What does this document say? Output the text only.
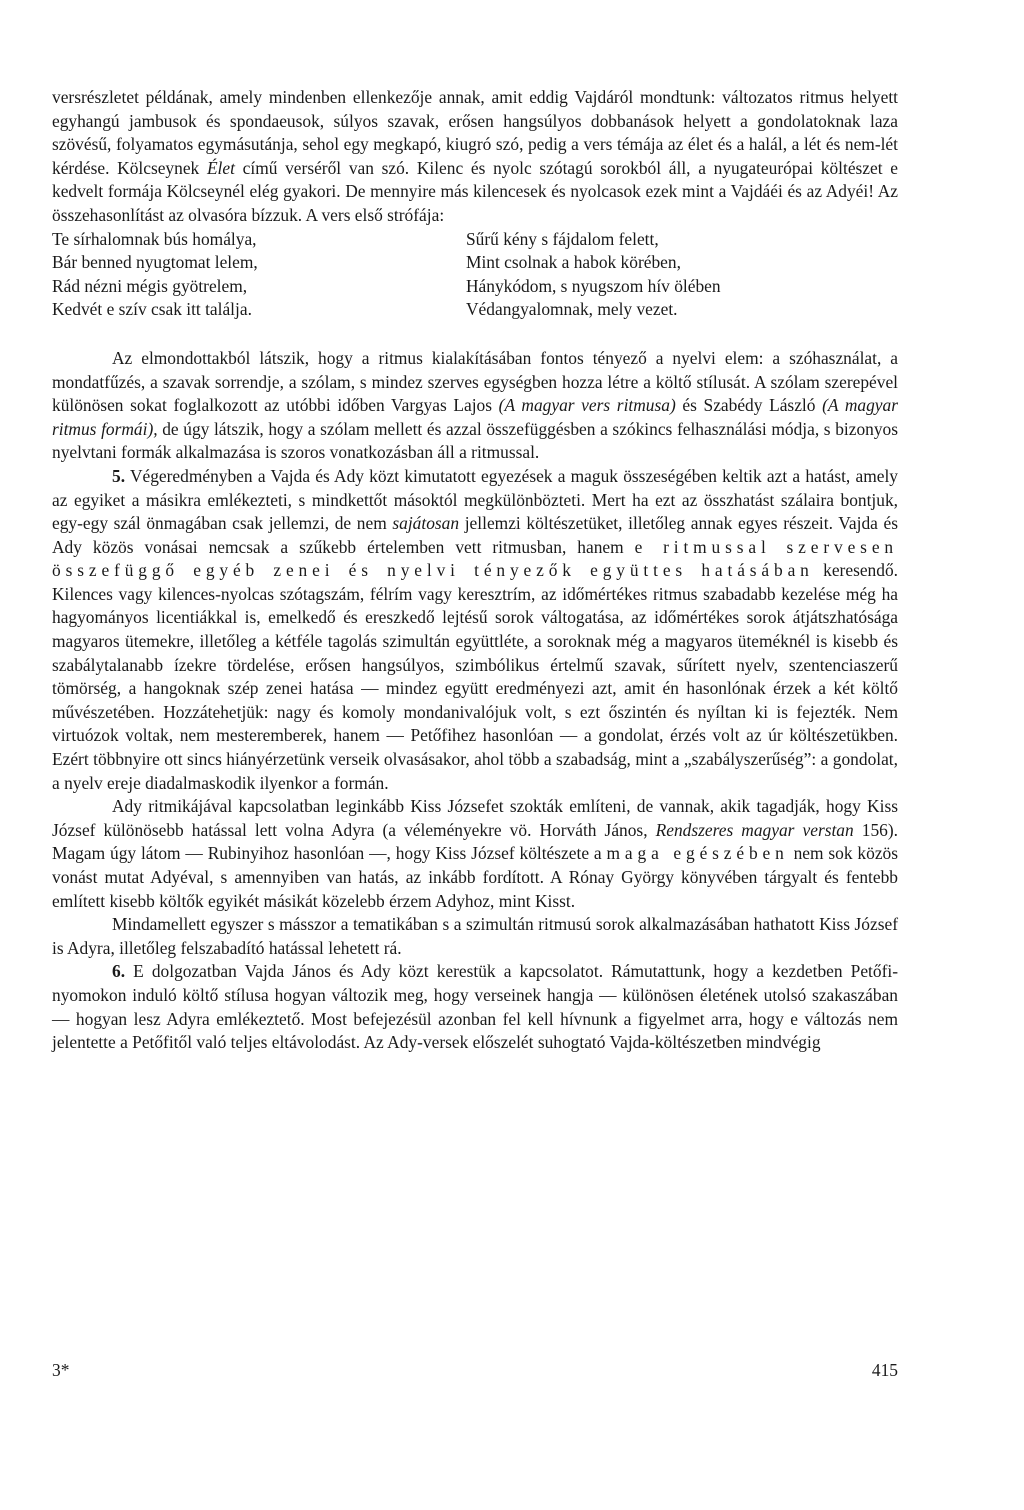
versrészletet példának, amely mindenben ellenkezője annak, amit eddig Vajdáról mondtunk: változatos ritmus helyett egyhangú jambusok és spondaeusok, súlyos szavak, erősen hangsúlyos dobbanások helyett a gondolatoknak laza szövésű, folyamatos egymásutánja, sehol egy megkapó, kiugró szó, pedig a vers témája az élet és a halál, a lét és nem-lét kérdése. Kölcseynek Élet című verséről van szó. Kilenc és nyolc szótagú sorokból áll, a nyugateurópai költészet e kedvelt formája Kölcseynél elég gyakori. De mennyire más kilencesek és nyolcasok ezek mint a Vajdáéi és az Adyéi! Az összehasonlítást az olvasóra bízzuk. A vers első strófája:

Te sírhalomnak bús homálya,
Bár benned nyugtomat lelem,
Rád nézni mégis gyötrelem,
Kedvét e szív csak itt találja.
Sűrű kény s fájdalom felett,
Mint csolnak a habok körében,
Hánykódom, s nyugszom hív ölében
Védangyalomnak, mely vezet.

Az elmondottakból látszik, hogy a ritmus kialakításában fontos tényező a nyelvi elem: a szóhasználat, a mondatfűzés, a szavak sorrendje, a szólam, s mindez szerves egységben hozza létre a költő stílusát. A szólam szerepével különösen sokat foglalkozott az utóbbi időben Vargyas Lajos (A magyar vers ritmusa) és Szabédy László (A magyar ritmus formái), de úgy látszik, hogy a szólam mellett és azzal összefüggésben a szókincs felhasználási módja, s bizonyos nyelvtani formák alkalmazása is szoros vonatkozásban áll a ritmussal.

5. Végeredményben a Vajda és Ady közt kimutatott egyezések a maguk összeségében keltik azt a hatást, amely az egyiket a másikra emlékezteti, s mindkettőt másoktól megkülönbözteti. Mert ha ezt az összhatást szálaira bontjuk, egy-egy szál önmagában csak jellemzi, de nem sajátosan jellemzi költészetüket, illetőleg annak egyes részeit. Vajda és Ady közös vonásai nemcsak a szűkebb értelemben vett ritmusban, hanem e ritmussal szervesen összefüggő egyéb zenei és nyelvi tényezők együttes hatásában keresendő. Kilences vagy kilences-nyolcas szótagszám, félrím vagy keresztrím, az időmértékes ritmus szabadabb kezelése még ha hagyományos licentiákkal is, emelkedő és ereszkedő lejtésű sorok váltogatása, az időmértékes sorok átjátszhatósága magyaros ütemekre, illetőleg a kétféle tagolás szimultán együttléte, a soroknak még a magyaros üteméknél is kisebb és szabálytalanabb ízekre tördelése, erősen hangsúlyos, szimbólikus értelmű szavak, sűrített nyelv, szentenciaszerű tömörség, a hangoknak szép zenei hatása — mindez együtt eredményezi azt, amit én hasonlónak érzek a két költő művészetében. Hozzátehetjük: nagy és komoly mondanivalójuk volt, s ezt őszintén és nyíltan ki is fejezték. Nem virtuózok voltak, nem mesteremberek, hanem — Petőfihez hasonlóan — a gondolat, érzés volt az úr költészetükben. Ezért többnyire ott sincs hiányérzetünk verseik olvasásakor, ahol több a szabadság, mint a „szabályszerűség”: a gondolat, a nyelv ereje diadalmaskodik ilyenkor a formán.

Ady ritmikájával kapcsolatban leginkább Kiss Józsefet szokták említeni, de vannak, akik tagadják, hogy Kiss József különösebb hatással lett volna Adyra (a véleményekre vö. Horváth János, Rendszeres magyar verstan 156). Magam úgy látom — Rubinyihoz hasonlóan —, hogy Kiss József költészete a maga egészében nem sok közös vonást mutat Adyéval, s amennyiben van hatás, az inkább fordított. A Rónay György könyvében tárgyalt és fentebb említett kisebb költők egyikét másikát közelebb érzem Adyhoz, mint Kisst.

Mindamellett egyszer s másszor a tematikában s a szimultán ritmusú sorok alkalmazásában hathatott Kiss József is Adyra, illetőleg felszabadító hatással lehetett rá.

6. E dolgozatban Vajda János és Ady közt kerestük a kapcsolatot. Rámutattunk, hogy a kezdetben Petőfi-nyomokon induló költő stílusa hogyan változik meg, hogy verseinek hangja — különösen életének utolsó szakaszában — hogyan lesz Adyra emlékeztető. Most befejezésül azonban fel kell hívnunk a figyelmet arra, hogy e változás nem jelentette a Petőfitől való teljes eltávolodást. Az Ady-versek előszelét suhogtató Vajda-költészetben mindvégig

3*	415
